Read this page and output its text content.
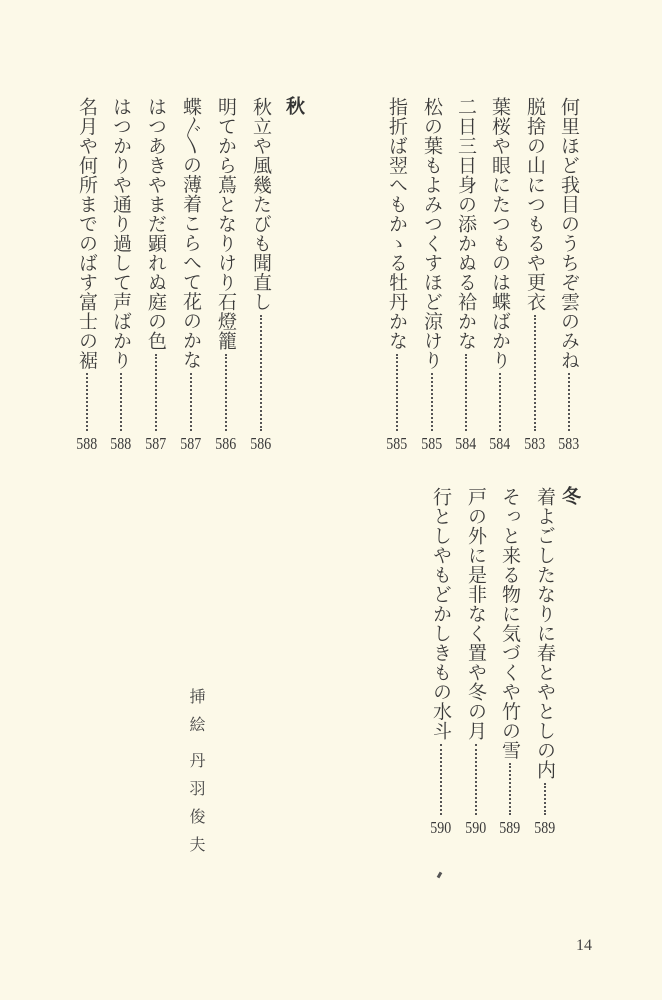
秋
冬
挿絵
丹羽
俊夫
14
何里ほど我目のうちぞ雲のみね
583
脱捨の山につもるや更衣
583
葉桜や眼にたつものは蝶ばかり
584
二日三日身の添かぬる袷かな
584
松の葉もよみつくすほど涼けり
585
指折ば翌へもかゝる牡丹かな
585
秋立や風幾たびも聞直し
586
明てから蔦となりけり石燈籠
586
蝶〴〵の薄着こらへて花のかな
587
はつあきやまだ顕れぬ庭の色
587
はつかりや通り過して声ばかり
588
名月や何所までのばす富士の裾
588
着よごしたなりに春とやとしの内
589
そっと来る物に気づくや竹の雪
589
戸の外に是非なく置や冬の月
590
行としやもどかしきもの水斗
590
